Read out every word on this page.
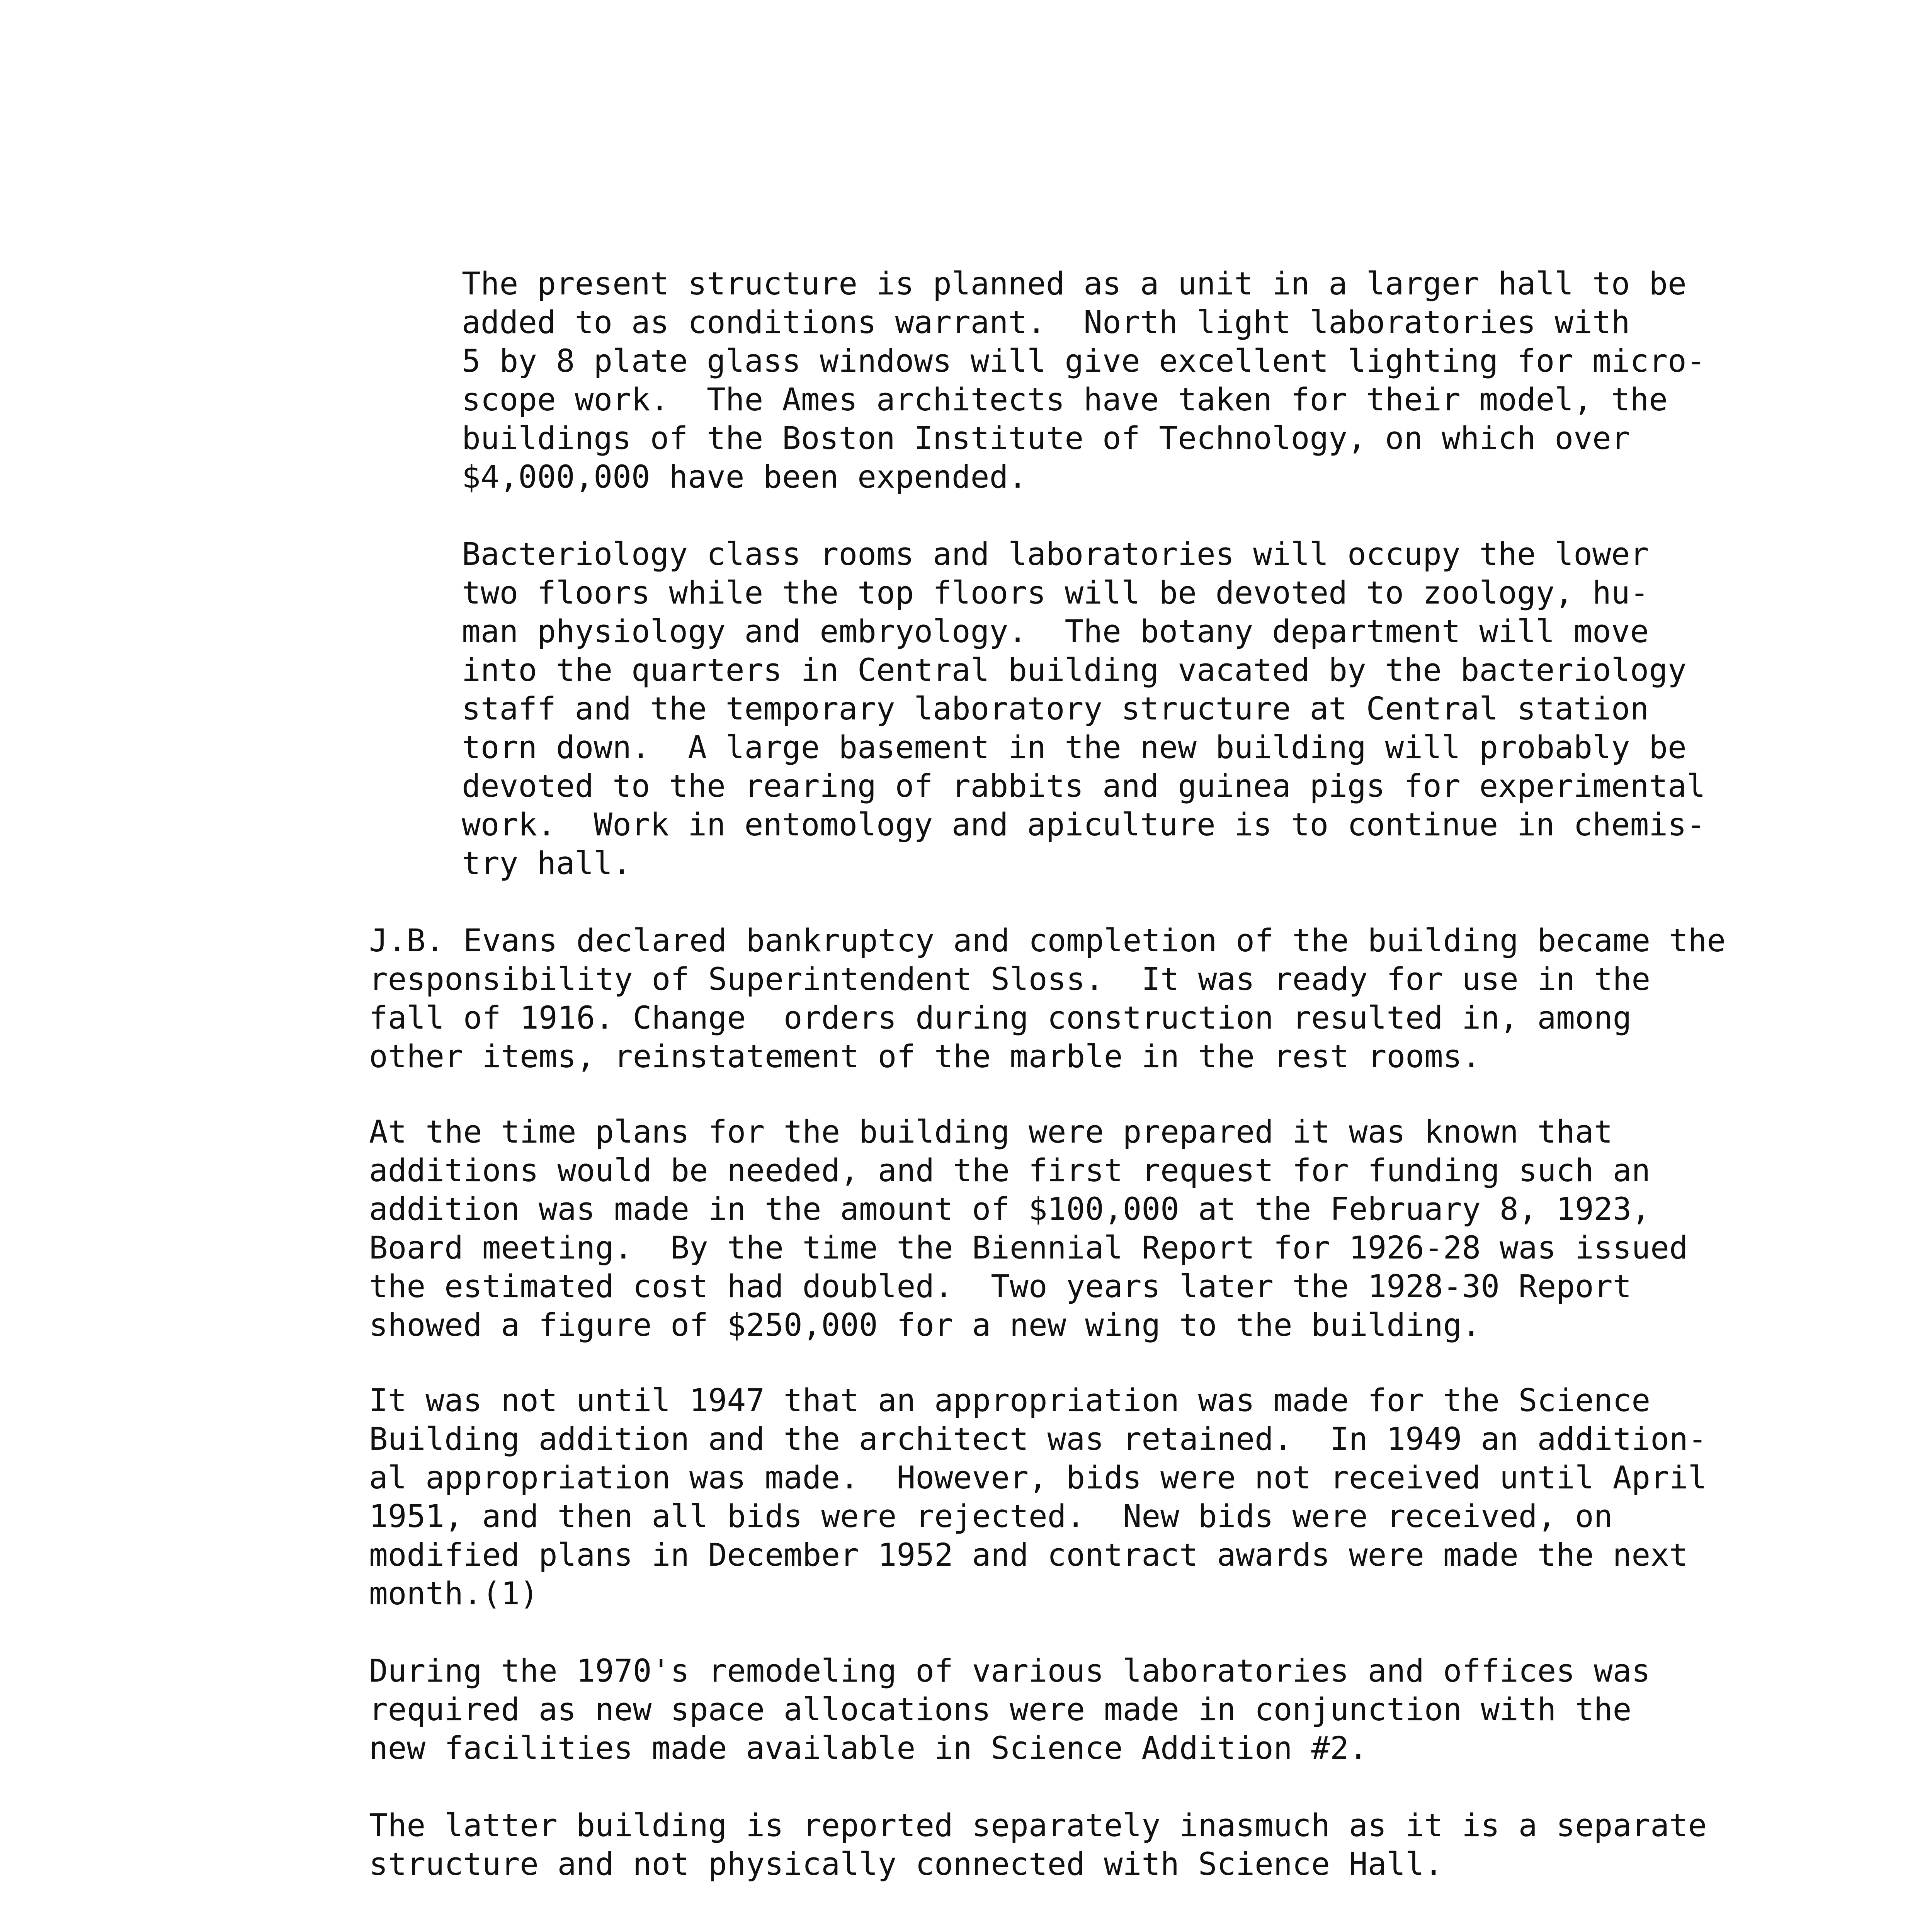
The present structure is planned as a unit in a larger hall to be
added to as conditions warrant.  North light laboratories with
5 by 8 plate glass windows will give excellent lighting for micro-
scope work.  The Ames architects have taken for their model, the
buildings of the Boston Institute of Technology, on which over
$4,000,000 have been expended.
Bacteriology class rooms and laboratories will occupy the lower
two floors while the top floors will be devoted to zoology, hu-
man physiology and embryology.  The botany department will move
into the quarters in Central building vacated by the bacteriology
staff and the temporary laboratory structure at Central station
torn down.  A large basement in the new building will probably be
devoted to the rearing of rabbits and guinea pigs for experimental
work.  Work in entomology and apiculture is to continue in chemis-
try hall.
J.B. Evans declared bankruptcy and completion of the building became the
responsibility of Superintendent Sloss.  It was ready for use in the
fall of 1916. Change  orders during construction resulted in, among
other items, reinstatement of the marble in the rest rooms.
At the time plans for the building were prepared it was known that
additions would be needed, and the first request for funding such an
addition was made in the amount of $100,000 at the February 8, 1923,
Board meeting.  By the time the Biennial Report for 1926-28 was issued
the estimated cost had doubled.  Two years later the 1928-30 Report
showed a figure of $250,000 for a new wing to the building.
It was not until 1947 that an appropriation was made for the Science
Building addition and the architect was retained.  In 1949 an addition-
al appropriation was made.  However, bids were not received until April
1951, and then all bids were rejected.  New bids were received, on
modified plans in December 1952 and contract awards were made the next
month.(1)
During the 1970's remodeling of various laboratories and offices was
required as new space allocations were made in conjunction with the
new facilities made available in Science Addition #2.
The latter building is reported separately inasmuch as it is a separate
structure and not physically connected with Science Hall.
